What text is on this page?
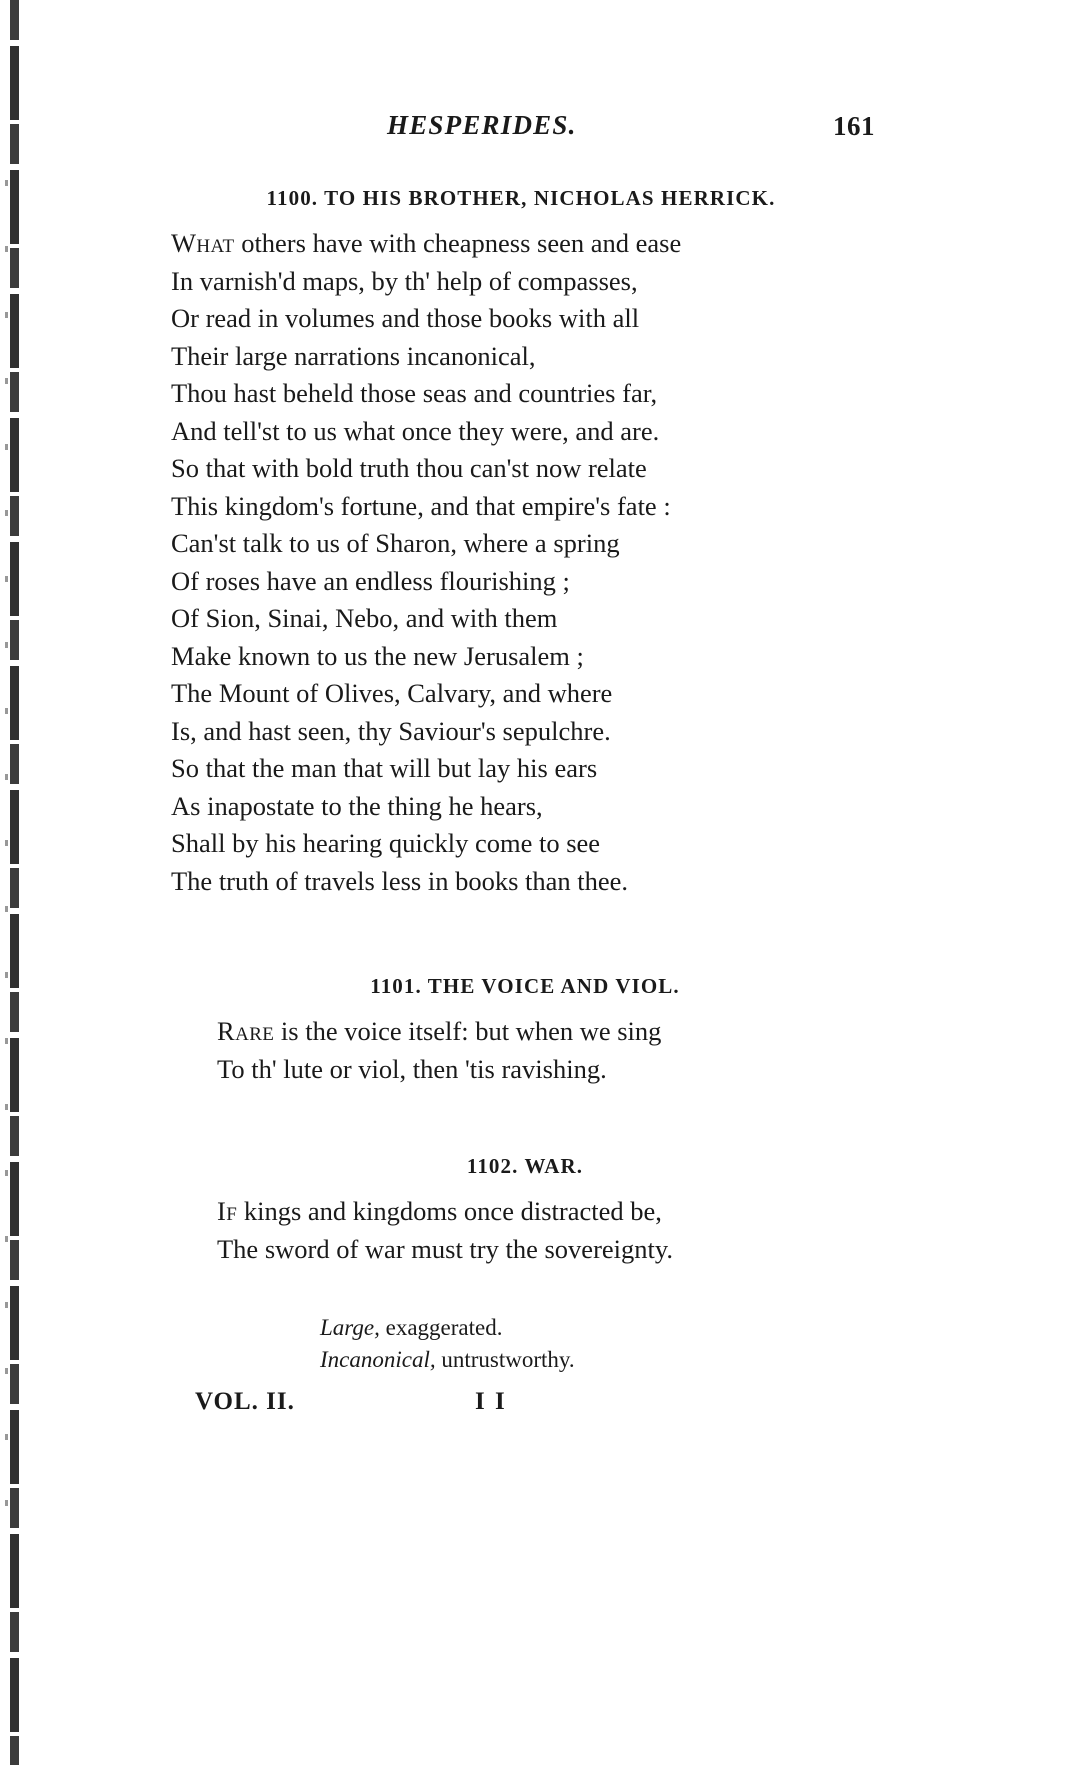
HESPERIDES.	161
1100. TO HIS BROTHER, NICHOLAS HERRICK.
What others have with cheapness seen and ease
In varnish'd maps, by th' help of compasses,
Or read in volumes and those books with all
Their large narrations incanonical,
Thou hast beheld those seas and countries far,
And tell'st to us what once they were, and are.
So that with bold truth thou can'st now relate
This kingdom's fortune, and that empire's fate :
Can'st talk to us of Sharon, where a spring
Of roses have an endless flourishing ;
Of Sion, Sinai, Nebo, and with them
Make known to us the new Jerusalem ;
The Mount of Olives, Calvary, and where
Is, and hast seen, thy Saviour's sepulchre.
So that the man that will but lay his ears
As inapostate to the thing he hears,
Shall by his hearing quickly come to see
The truth of travels less in books than thee.
1101. THE VOICE AND VIOL.
Rare is the voice itself: but when we sing
To th' lute or viol, then 'tis ravishing.
1102. WAR.
If kings and kingdoms once distracted be,
The sword of war must try the sovereignty.
Large, exaggerated.
Incanonical, untrustworthy.
VOL. II.	I I
